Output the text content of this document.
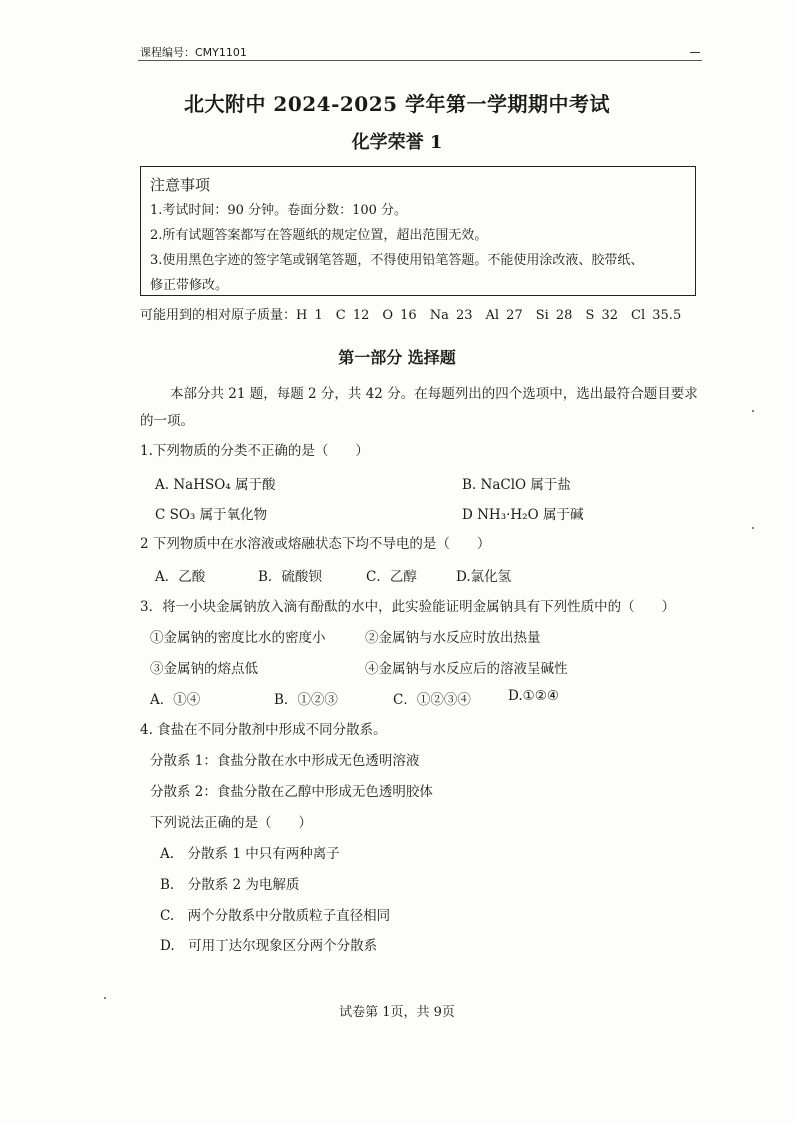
课程编号：CMY1101
北大附中 2024-2025 学年第一学期期中考试
化学荣誉 1
注意事项
1.考试时间：90 分钟。卷面分数：100 分。
2.所有试题答案都写在答题纸的规定位置，超出范围无效。
3.使用黑色字迹的签字笔或钢笔答题，不得使用铅笔答题。不能使用涂改液、胶带纸、
修正带修改。
可能用到的相对原子质量：H 1　C 12　O 16　Na 23　Al 27　Si 28　S 32　Cl 35.5
第一部分 选择题
本部分共 21 题，每题 2 分，共 42 分。在每题列出的四个选项中，选出最符合题目要求
的一项。
1.下列物质的分类不正确的是（　　）
A. NaHSO₄ 属于酸	B. NaClO 属于盐
C SO₃ 属于氧化物	D NH₃·H₂O 属于碱
2 下列物质中在水溶液或熔融状态下均不导电的是（　　）
A．乙酸	B．硫酸钡	C．乙醇	D.氯化氢
3．将一小块金属钠放入滴有酚酞的水中，此实验能证明金属钠具有下列性质中的（　　）
①金属钠的密度比水的密度小	②金属钠与水反应时放出热量
③金属钠的熔点低	④金属钠与水反应后的溶液呈碱性
A．①④	B．①②③	C．①②③④	D.①②④
4. 食盐在不同分散剂中形成不同分散系。
分散系 1：食盐分散在水中形成无色透明溶液
分散系 2：食盐分散在乙醇中形成无色透明胶体
下列说法正确的是（　　）
A.　分散系 1 中只有两种离子
B.　分散系 2 为电解质
C.　两个分散系中分散质粒子直径相同
D.　可用丁达尔现象区分两个分散系
试卷第 1页，共 9页
